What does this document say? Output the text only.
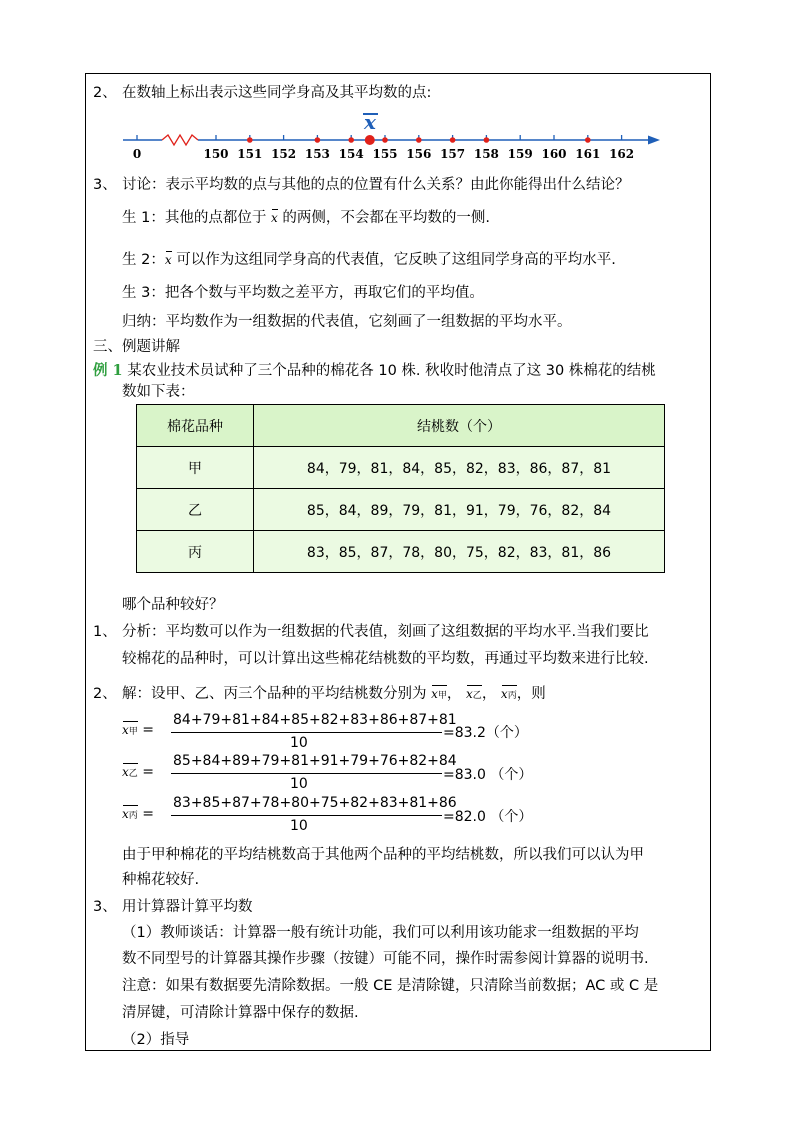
2、 在数轴上标出表示这些同学身高及其平均数的点:
x
0	150 151 152 153 154 155 156 157 158 159 160 161 162
3、 讨论：表示平均数的点与其他的点的位置有什么关系？由此你能得出什么结论？
生 1：其他的点都位于 x 的两侧，不会都在平均数的一侧.
生 2：x 可以作为这组同学身高的代表值，它反映了这组同学身高的平均水平.
生 3：把各个数与平均数之差平方，再取它们的平均值。
归纳：平均数作为一组数据的代表值，它刻画了一组数据的平均水平。
三、例题讲解
例 1 某农业技术员试种了三个品种的棉花各 10 株. 秋收时他清点了这 30 株棉花的结桃
数如下表：
棉花品种	结桃数（个）
甲	84，79，81，84，85，82，83，86，87，81
乙	85，84，89，79，81，91，79，76，82，84
丙	83，85，87，78，80，75，82，83，81，86
哪个品种较好？
1、 分析：平均数可以作为一组数据的代表值，刻画了这组数据的平均水平.当我们要比
较棉花的品种时，可以计算出这些棉花结桃数的平均数，再通过平均数来进行比较.
2、 解：设甲、乙、丙三个品种的平均结桃数分别为 x甲， x乙， x丙，则
x甲 =
84+79+81+84+85+82+83+86+87+81
10
=83.2（个）
x乙 =
85+84+89+79+81+91+79+76+82+84
10
=83.0 （个）
x丙 =
83+85+87+78+80+75+82+83+81+86
10
=82.0 （个）
由于甲种棉花的平均结桃数高于其他两个品种的平均结桃数，所以我们可以认为甲
种棉花较好.
3、 用计算器计算平均数
（1）教师谈话：计算器一般有统计功能，我们可以利用该功能求一组数据的平均
数不同型号的计算器其操作步骤（按键）可能不同，操作时需参阅计算器的说明书.
注意：如果有数据要先清除数据。一般 CE 是清除键，只清除当前数据；AC 或 C 是
清屏键，可清除计算器中保存的数据.
（2）指导
